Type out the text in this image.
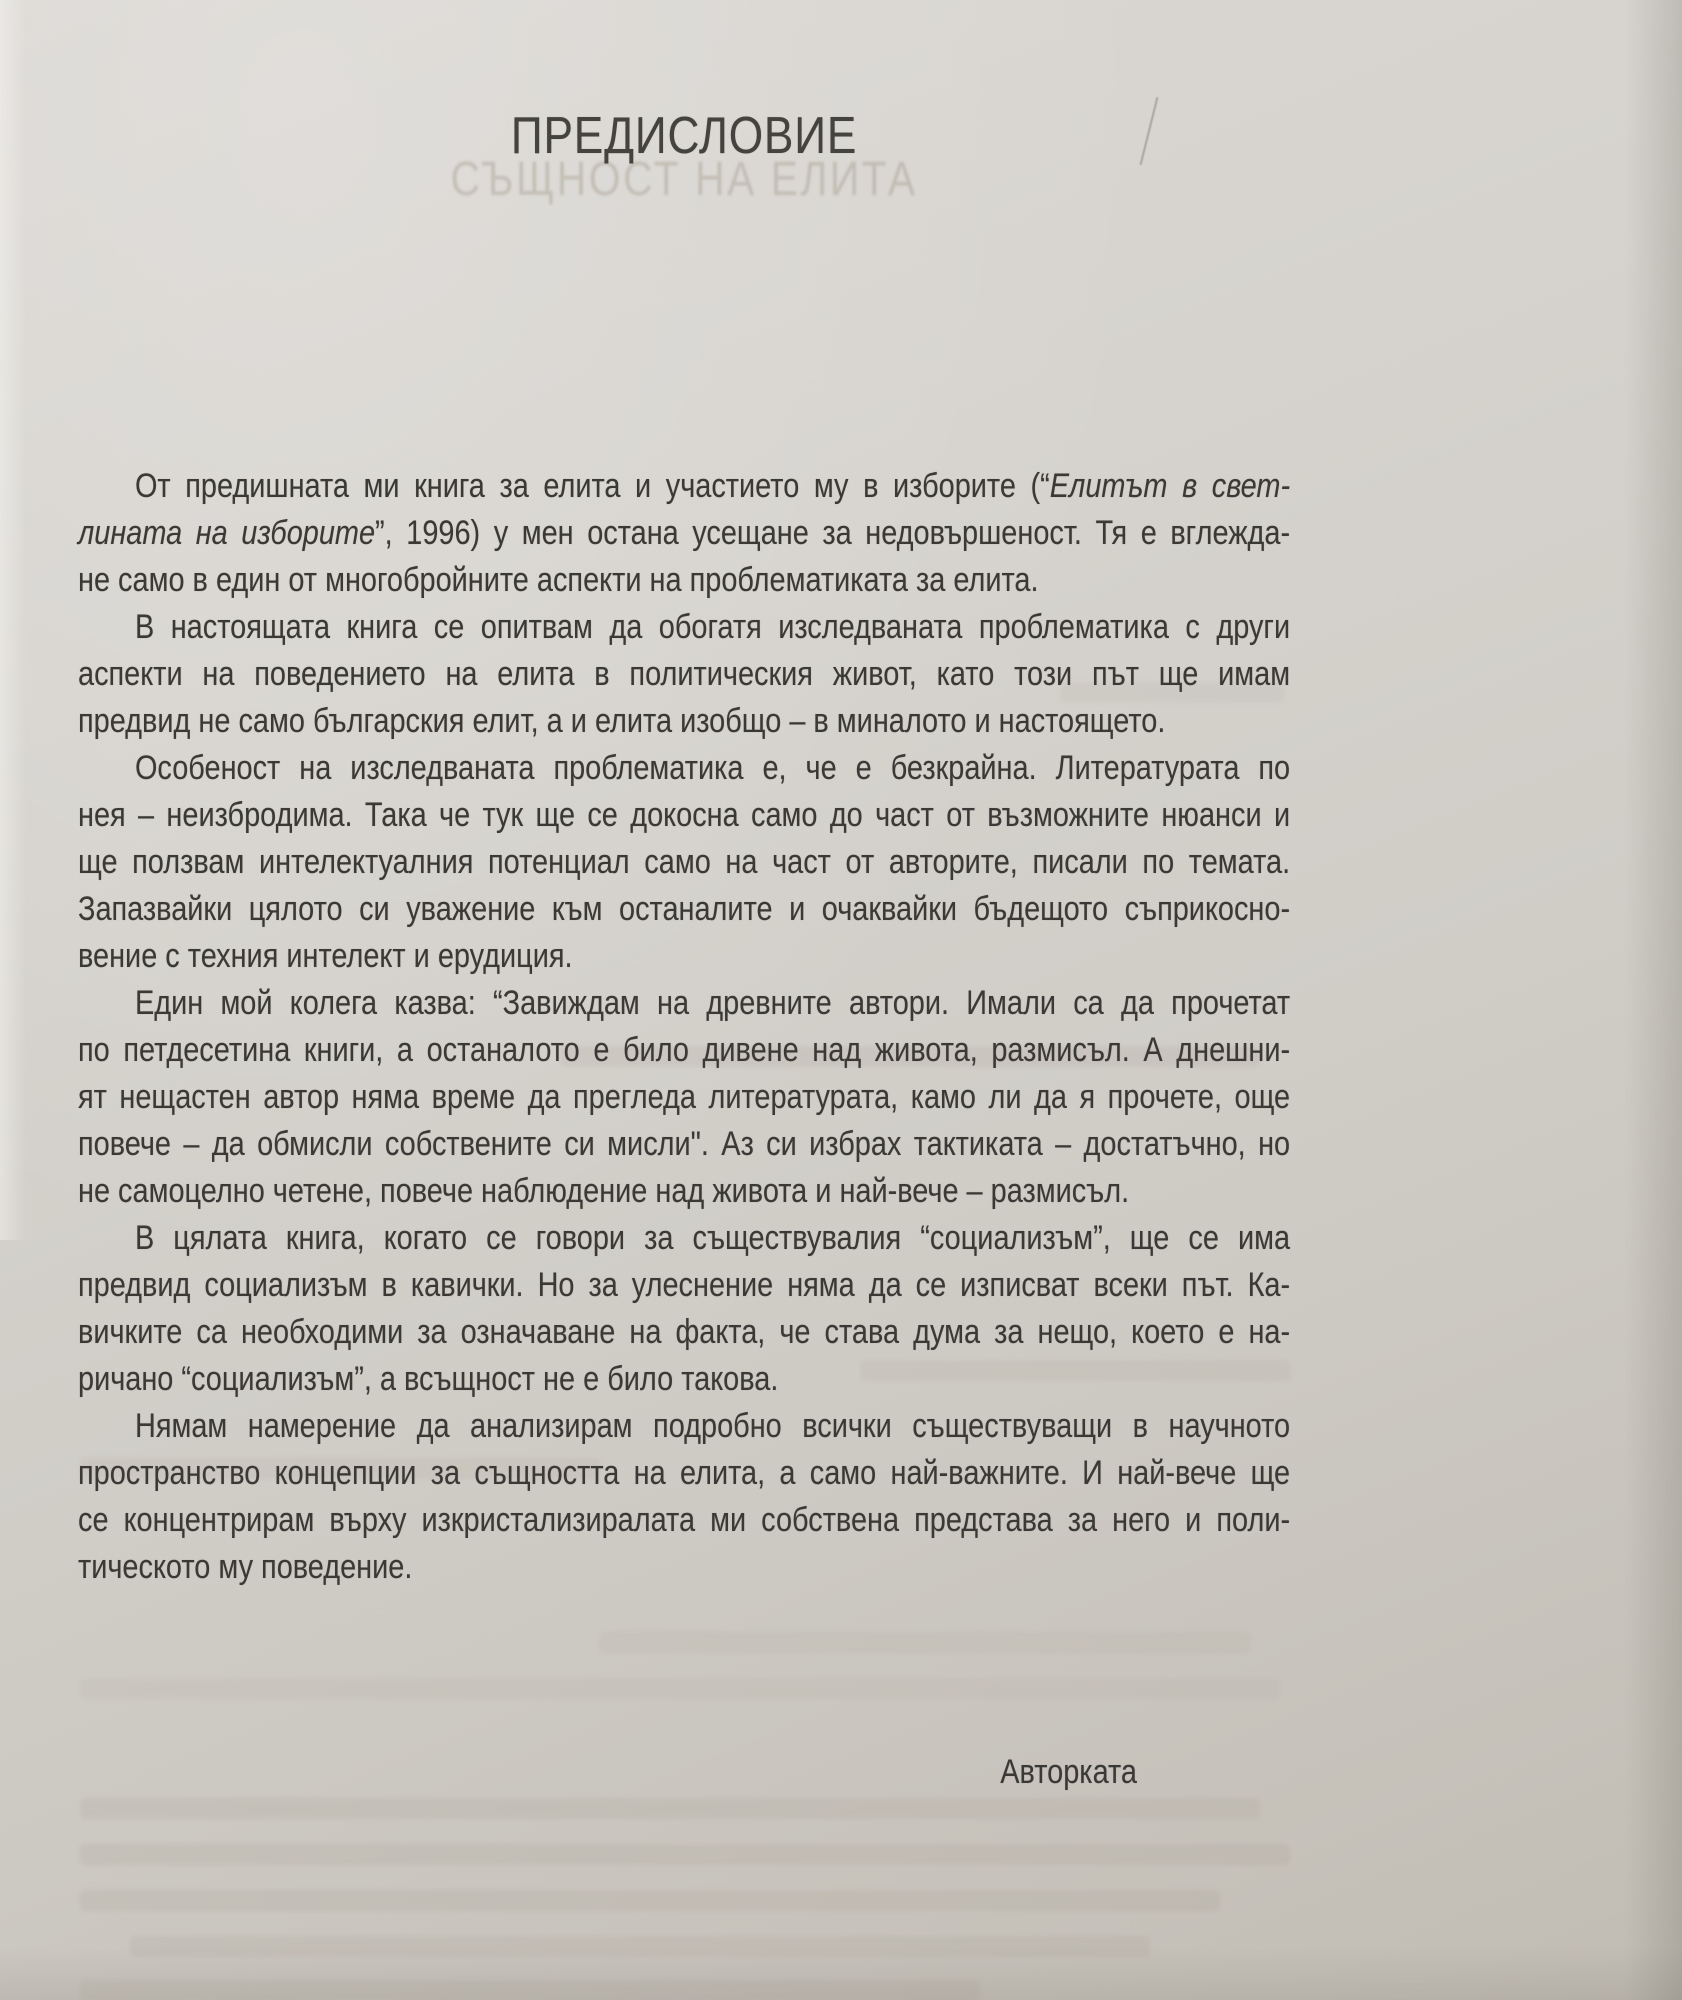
СЪЩНОСТ НА ЕЛИТА
ПРЕДИСЛОВИЕ
От предишната ми книга за елита и участието му в изборите (“Елитът в свет-
лината на изборите”, 1996) у мен остана усещане за недовършеност. Тя е вглежда-
не само в един от многобройните аспекти на проблематиката за елита.
В настоящата книга се опитвам да обогатя изследваната проблематика с други
аспекти на поведението на елита в политическия живот, като този път ще имам
предвид не само българския елит, а и елита изобщо – в миналото и настоящето.
Особеност на изследваната проблематика е, че е безкрайна. Литературата по
нея – неизбродима. Така че тук ще се докосна само до част от възможните нюанси и
ще ползвам интелектуалния потенциал само на част от авторите, писали по темата.
Запазвайки цялото си уважение към останалите и очаквайки бъдещото съприкосно-
вение с техния интелект и ерудиция.
Един мой колега казва: “Завиждам на древните автори. Имали са да прочетат
по петдесетина книги, а останалото е било дивене над живота, размисъл. А днешни-
ят нещастен автор няма време да прегледа литературата, камо ли да я прочете, още
повече – да обмисли собствените си мисли". Аз си избрах тактиката – достатъчно, но
не самоцелно четене, повече наблюдение над живота и най-вече – размисъл.
В цялата книга, когато се говори за съществувалия “социализъм”, ще се има
предвид социализъм в кавички. Но за улеснение няма да се изписват всеки път. Ка-
вичките са необходими за означаване на факта, че става дума за нещо, което е на-
ричано “социализъм”, а всъщност не е било такова.
Нямам намерение да анализирам подробно всички съществуващи в научното
пространство концепции за същността на елита, а само най-важните. И най-вече ще
се концентрирам върху изкристализиралата ми собствена представа за него и поли-
тическото му поведение.
Авторката
